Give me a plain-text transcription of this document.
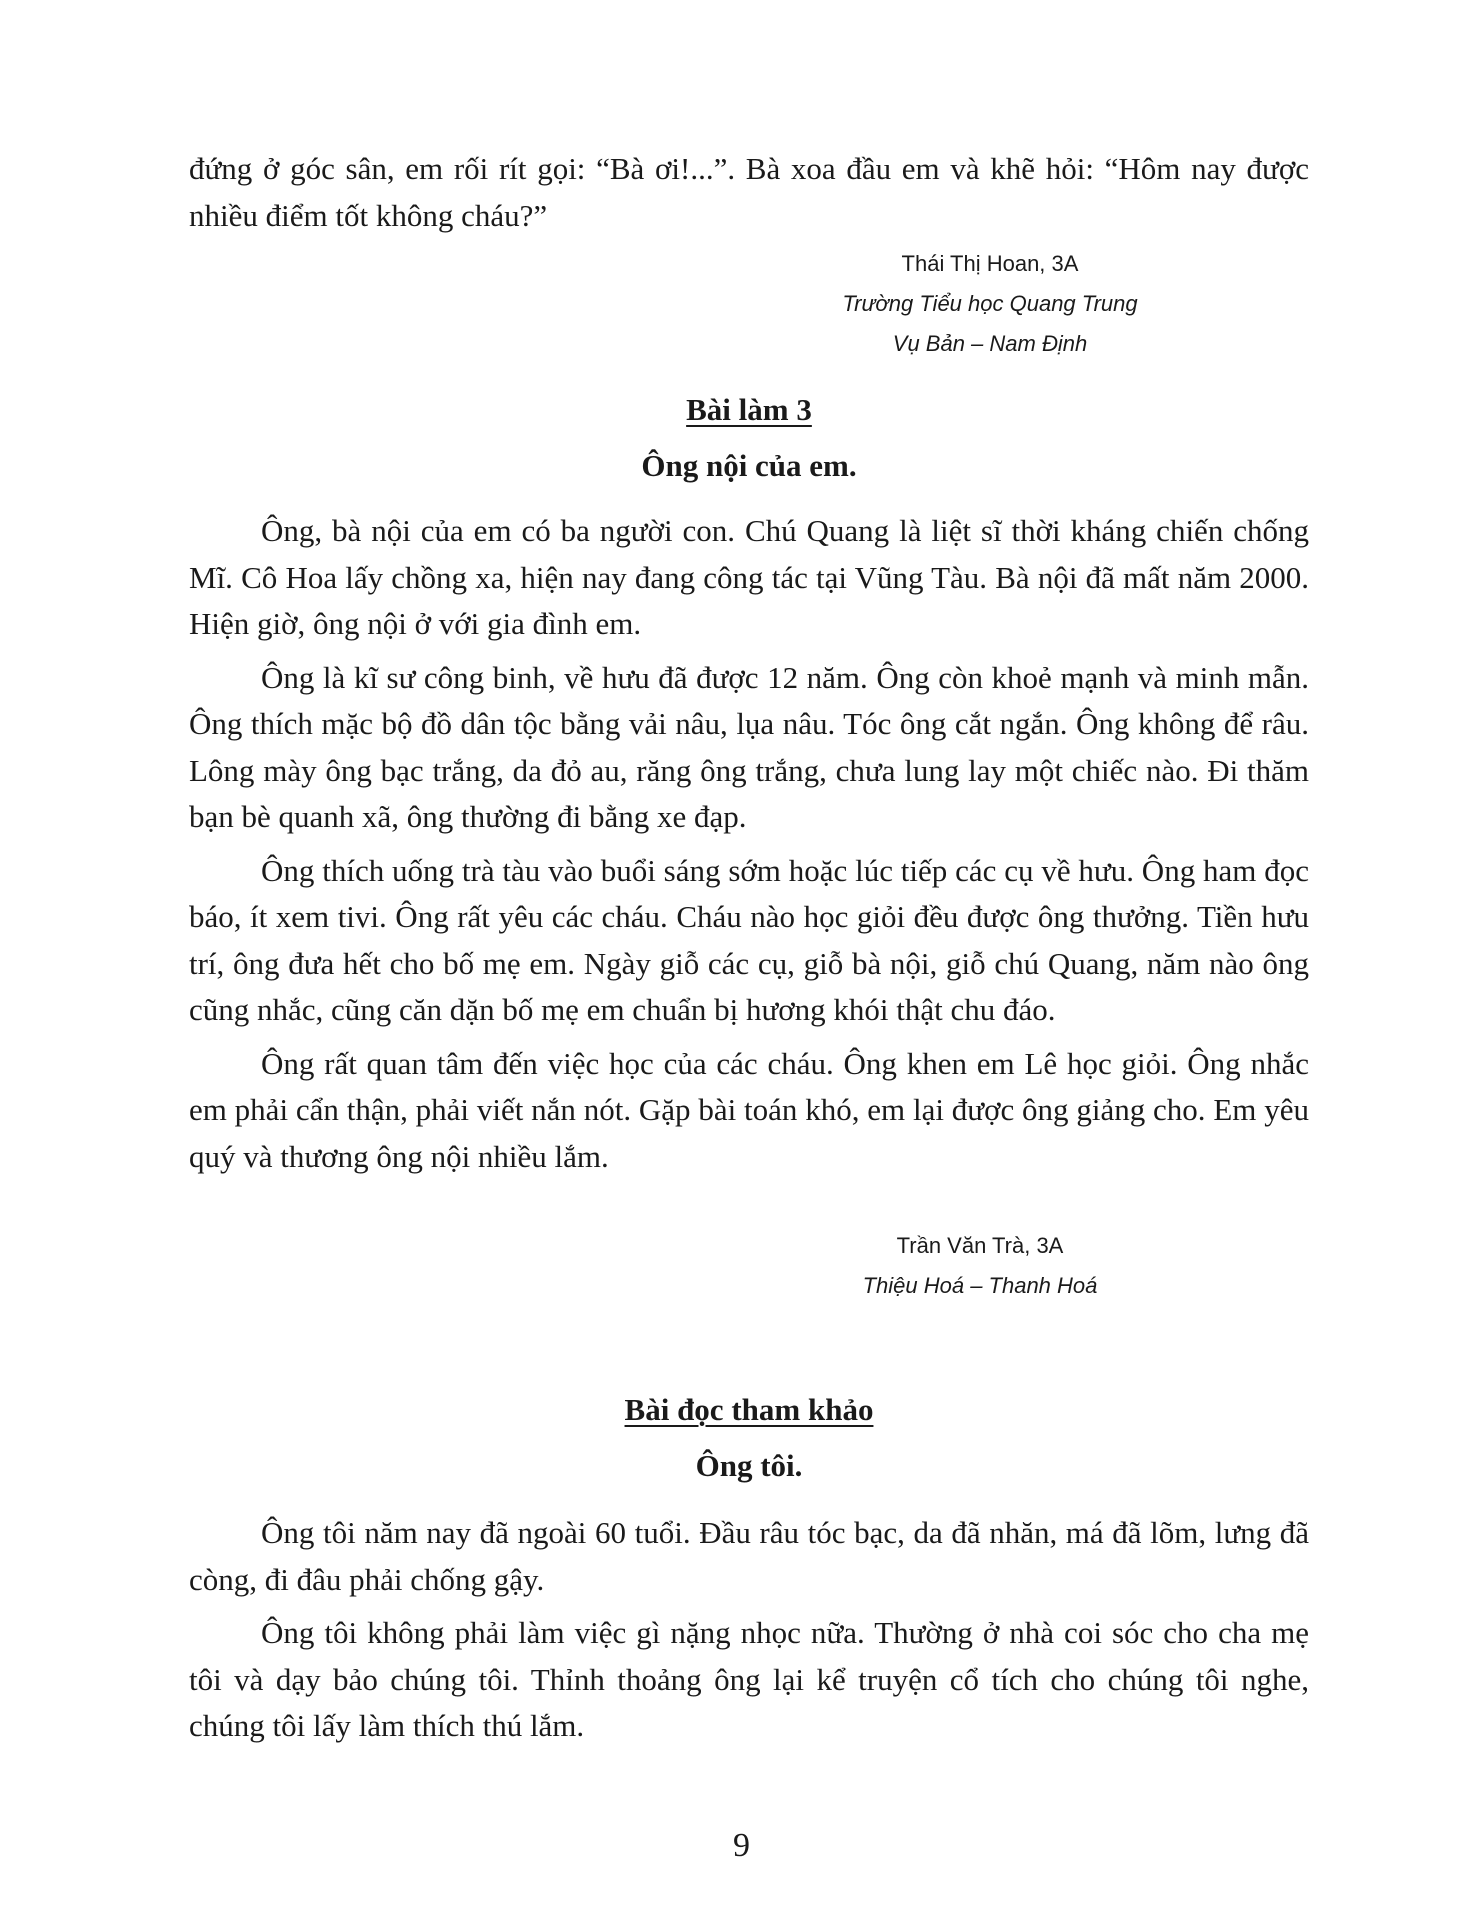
đứng ở góc sân, em rối rít gọi: “Bà ơi!...”. Bà xoa đầu em và khẽ hỏi: “Hôm nay được nhiều điểm tốt không cháu?”

Thái Thị Hoan, 3A
Trường Tiểu học Quang Trung
Vụ Bản – Nam Định
Bài làm 3
Ông nội của em.

Ông, bà nội của em có ba người con. Chú Quang là liệt sĩ thời kháng chiến chống Mĩ. Cô Hoa lấy chồng xa, hiện nay đang công tác tại Vũng Tàu. Bà nội đã mất năm 2000. Hiện giờ, ông nội ở với gia đình em.

Ông là kĩ sư công binh, về hưu đã được 12 năm. Ông còn khoẻ mạnh và minh mẫn. Ông thích mặc bộ đồ dân tộc bằng vải nâu, lụa nâu. Tóc ông cắt ngắn. Ông không để râu. Lông mày ông bạc trắng, da đỏ au, răng ông trắng, chưa lung lay một chiếc nào. Đi thăm bạn bè quanh xã, ông thường đi bằng xe đạp.

Ông thích uống trà tàu vào buổi sáng sớm hoặc lúc tiếp các cụ về hưu. Ông ham đọc báo, ít xem tivi. Ông rất yêu các cháu. Cháu nào học giỏi đều được ông thưởng. Tiền hưu trí, ông đưa hết cho bố mẹ em. Ngày giỗ các cụ, giỗ bà nội, giỗ chú Quang, năm nào ông cũng nhắc, cũng căn dặn bố mẹ em chuẩn bị hương khói thật chu đáo.

Ông rất quan tâm đến việc học của các cháu. Ông khen em Lê học giỏi. Ông nhắc em phải cẩn thận, phải viết nắn nót. Gặp bài toán khó, em lại được ông giảng cho. Em yêu quý và thương ông nội nhiều lắm.

Trần Văn Trà, 3A
Thiệu Hoá – Thanh Hoá
Bài đọc tham khảo
Ông tôi.

Ông tôi năm nay đã ngoài 60 tuổi. Đầu râu tóc bạc, da đã nhăn, má đã lõm, lưng đã còng, đi đâu phải chống gậy.

Ông tôi không phải làm việc gì nặng nhọc nữa. Thường ở nhà coi sóc cho cha mẹ tôi và dạy bảo chúng tôi. Thỉnh thoảng ông lại kể truyện cổ tích cho chúng tôi nghe, chúng tôi lấy làm thích thú lắm.

9
